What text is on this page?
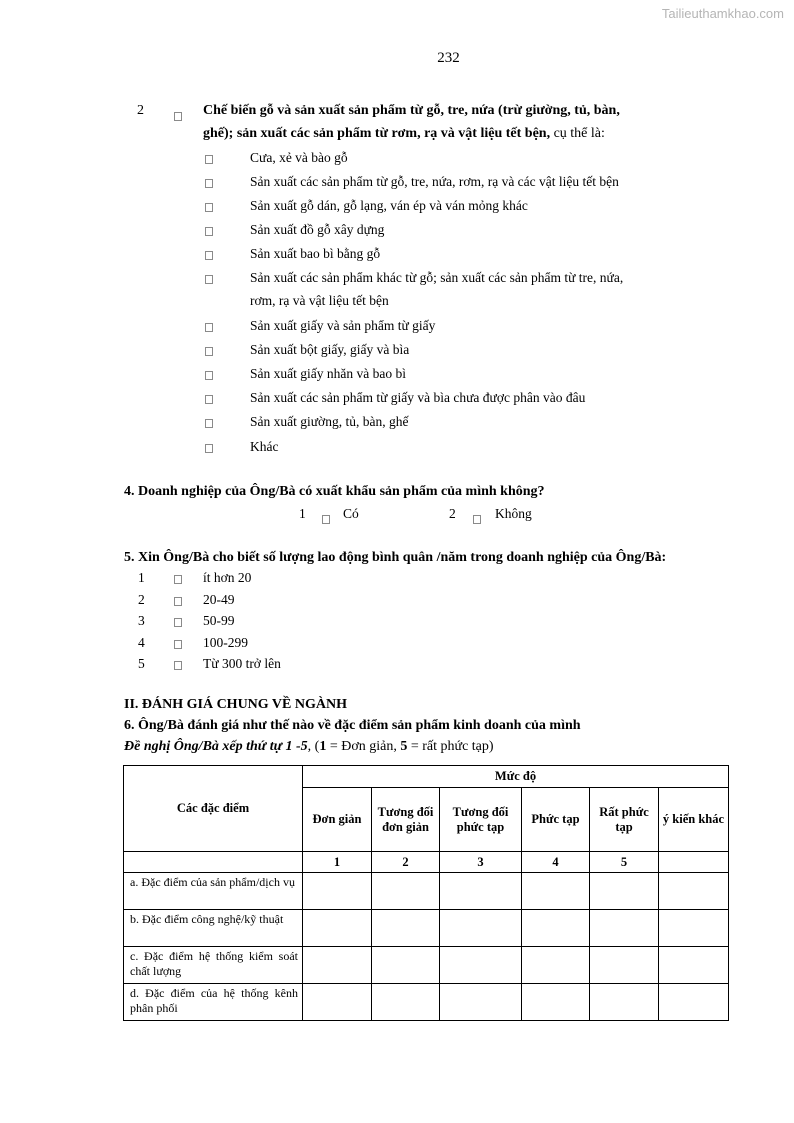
Tailieuthamkhao.com
232
2	Chế biến gỗ và sản xuất sản phẩm từ gỗ, tre, nứa (trừ giường, tủ, bàn,
ghế); sản xuất các sản phẩm từ rơm, rạ và vật liệu tết bện, cụ thể là:
Cưa, xẻ và bào gỗ
Sản xuất các sản phẩm từ gỗ, tre, nứa, rơm, rạ và các vật liệu tết bện
Sản xuất gỗ dán, gỗ lạng, ván ép và ván mỏng khác
Sản xuất đồ gỗ xây dựng
Sản xuất bao bì bằng gỗ
Sản xuất các sản phẩm khác từ gỗ; sản xuất các sản phẩm từ tre, nứa,
rơm, rạ và vật liệu tết bện
Sản xuất giấy và sản phẩm từ giấy
Sản xuất bột giấy, giấy và bìa
Sản xuất giấy nhăn và bao bì
Sản xuất các sản phẩm từ giấy và bìa chưa được phân vào đâu
Sản xuất giường, tủ, bàn, ghế
Khác
4. Doanh nghiệp của Ông/Bà có xuất khẩu sản phẩm của mình không?
1	Có	2	Không
5. Xin Ông/Bà cho biết số lượng lao động bình quân /năm trong doanh nghiệp của Ông/Bà:
1	ít hơn 20
2	20-49
3	50-99
4	100-299
5	Từ 300 trở lên
II. ĐÁNH GIÁ CHUNG VỀ NGÀNH
6. Ông/Bà đánh giá như thế nào về đặc điểm sản phẩm kinh doanh của mình
Đề nghị Ông/Bà xếp thứ tự 1 -5, (1 = Đơn giản, 5 = rất phức tạp)
Các đặc điểm	Mức độ					
	Đơn giản	Tương đối đơn giản	Tương đối phức tạp	Phức tạp	Rất phức tạp	ý kiến khác
	1	2	3	4	5	
a. Đặc điểm của sản phẩm/dịch vụ						
b. Đặc điểm công nghệ/kỹ thuật						
c. Đặc điểm hệ thống kiểm soát chất lượng						
d. Đặc điểm của hệ thống kênh phân phối						
